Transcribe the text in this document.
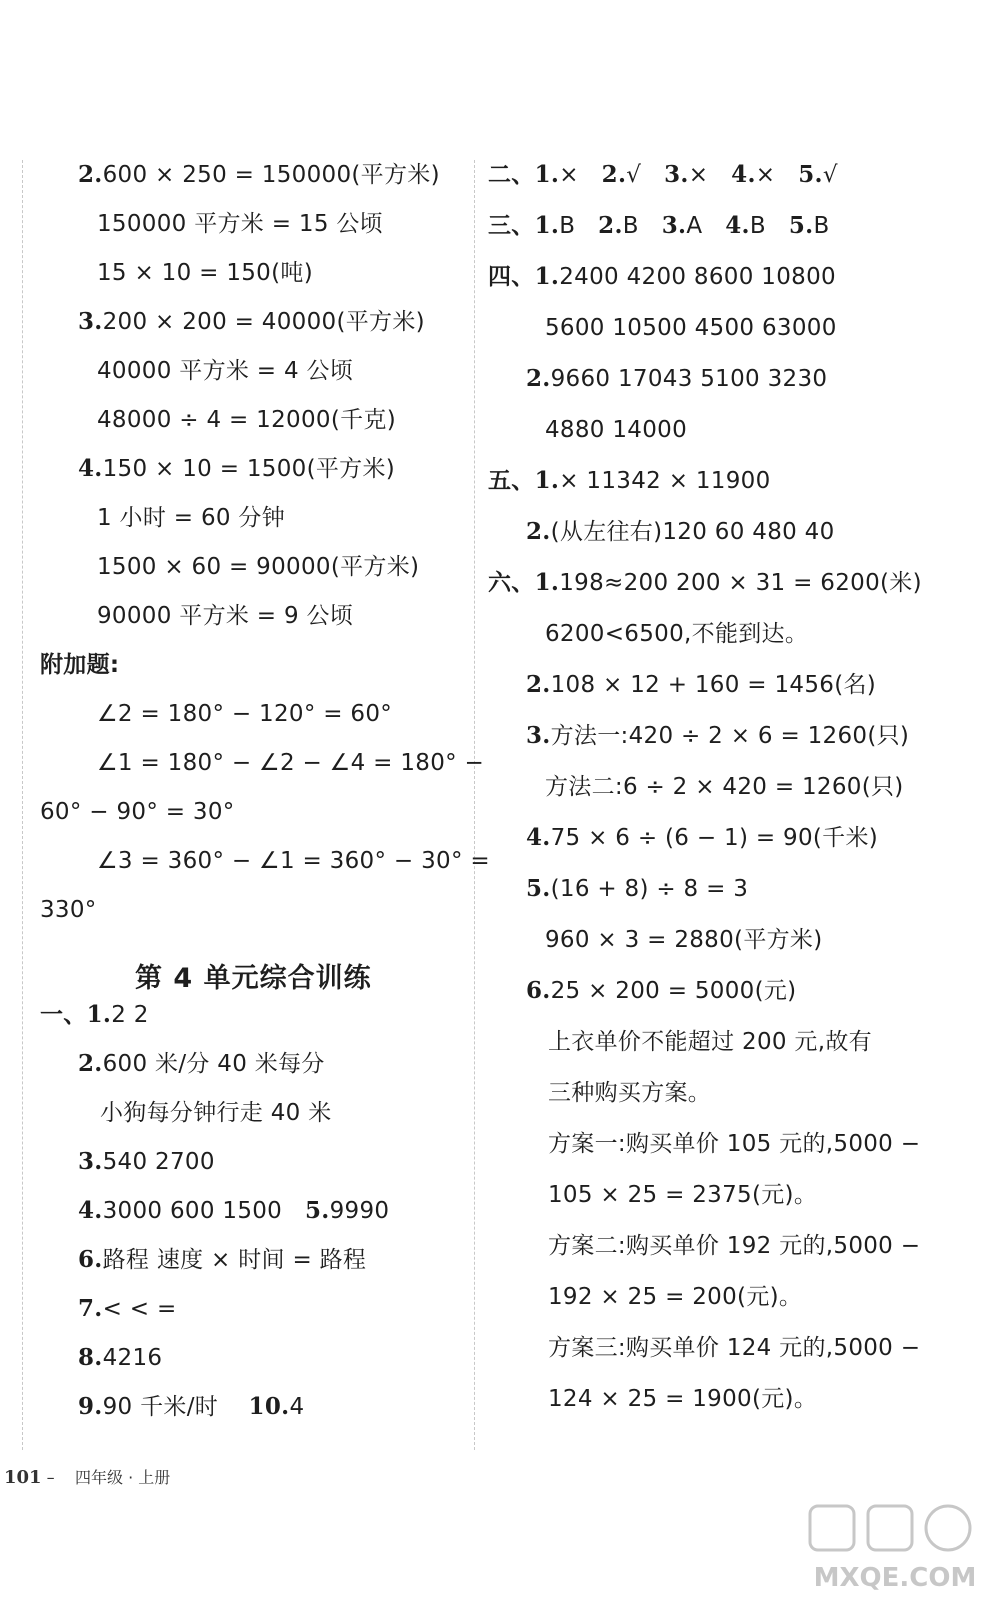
2.600 × 250 = 150000(平方米)
150000 平方米 = 15 公顷
15 × 10 = 150(吨)
3.200 × 200 = 40000(平方米)
40000 平方米 = 4 公顷
48000 ÷ 4 = 12000(千克)
4.150 × 10 = 1500(平方米)
1 小时 = 60 分钟
1500 × 60 = 90000(平方米)
90000 平方米 = 9 公顷
附加题:
∠2 = 180° − 120° = 60°
∠1 = 180° − ∠2 − ∠4 = 180° −
60° − 90° = 30°
∠3 = 360° − ∠1 = 360° − 30° =
330°
第 4 单元综合训练
一、1.2 2
2.600 米/分 40 米每分
小狗每分钟行走 40 米
3.540 2700
4.3000 600 1500 5.9990
6.路程 速度 × 时间 = 路程
7.< < =
8.4216
9.90 千米/时 10.4
二、1.× 2.√ 3.× 4.× 5.√
三、1.B 2.B 3.A 4.B 5.B
四、1.2400 4200 8600 10800
5600 10500 4500 63000
2.9660 17043 5100 3230
4880 14000
五、1.× 11342 × 11900
2.(从左往右)120 60 480 40
六、1.198≈200 200 × 31 = 6200(米)
6200<6500,不能到达。
2.108 × 12 + 160 = 1456(名)
3.方法一:420 ÷ 2 × 6 = 1260(只)
方法二:6 ÷ 2 × 420 = 1260(只)
4.75 × 6 ÷ (6 − 1) = 90(千米)
5.(16 + 8) ÷ 8 = 3
960 × 3 = 2880(平方米)
6.25 × 200 = 5000(元)
上衣单价不能超过 200 元,故有
三种购买方案。
方案一:购买单价 105 元的,5000 −
105 × 25 = 2375(元)。
方案二:购买单价 192 元的,5000 −
192 × 25 = 200(元)。
方案三:购买单价 124 元的,5000 −
124 × 25 = 1900(元)。
101 – 四年级 · 上册
MXQE.COM
